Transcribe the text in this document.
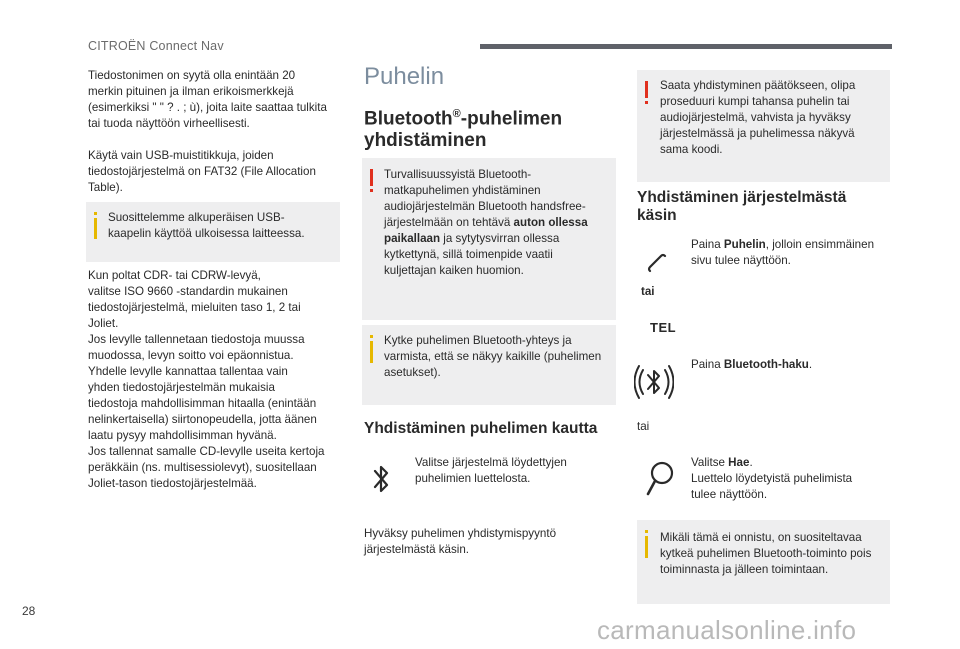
CITROËN Connect Nav
Tiedostonimen on syytä olla enintään 20
merkin pituinen ja ilman erikoismerkkejä
(esimerkiksi " " ? . ; ù), joita laite saattaa tulkita
tai tuoda näyttöön virheellisesti.
Käytä vain USB-muistitikkuja, joiden
tiedostojärjestelmä on FAT32 (File Allocation
Table).
Suosittelemme alkuperäisen USB-
kaapelin käyttöä ulkoisessa laitteessa.
Kun poltat CDR- tai CDRW-levyä,
valitse ISO 9660 -standardin mukainen
tiedostojärjestelmä, mieluiten taso 1, 2 tai
Joliet.
Jos levylle tallennetaan tiedostoja muussa
muodossa, levyn soitto voi epäonnistua.
Yhdelle levylle kannattaa tallentaa vain
yhden tiedostojärjestelmän mukaisia
tiedostoja mahdollisimman hitaalla (enintään
nelinkertaisella) siirtonopeudella, jotta äänen
laatu pysyy mahdollisimman hyvänä.
Jos tallennat samalle CD-levylle useita kertoja
peräkkäin (ns. multisessiolevyt), suositellaan
Joliet-tason tiedostojärjestelmää.
Puhelin
Bluetooth®-puhelimen
yhdistäminen
Turvallisuussyistä Bluetooth-
matkapuhelimen yhdistäminen
audiojärjestelmän Bluetooth handsfree-
järjestelmään on tehtävä auton ollessa
paikallaan ja sytytysvirran ollessa
kytkettynä, sillä toimenpide vaatii
kuljettajan kaiken huomion.
Kytke puhelimen Bluetooth-yhteys ja
varmista, että se näkyy kaikille (puhelimen
asetukset).
Yhdistäminen puhelimen kautta
Valitse järjestelmä löydettyjen
puhelimien luettelosta.
Hyväksy puhelimen yhdistymispyyntö
järjestelmästä käsin.
Saata yhdistyminen päätökseen, olipa
proseduuri kumpi tahansa puhelin tai
audiojärjestelmä, vahvista ja hyväksy
järjestelmässä ja puhelimessa näkyvä
sama koodi.
Yhdistäminen järjestelmästä
käsin
Paina Puhelin, jolloin ensimmäinen
sivu tulee näyttöön.
tai
TEL
Paina Bluetooth-haku.
tai
Valitse Hae.
Luettelo löydetyistä puhelimista
tulee näyttöön.
Mikäli tämä ei onnistu, on suositeltavaa
kytkeä puhelimen Bluetooth-toiminto pois
toiminnasta ja jälleen toimintaan.
28
carmanualsonline.info
